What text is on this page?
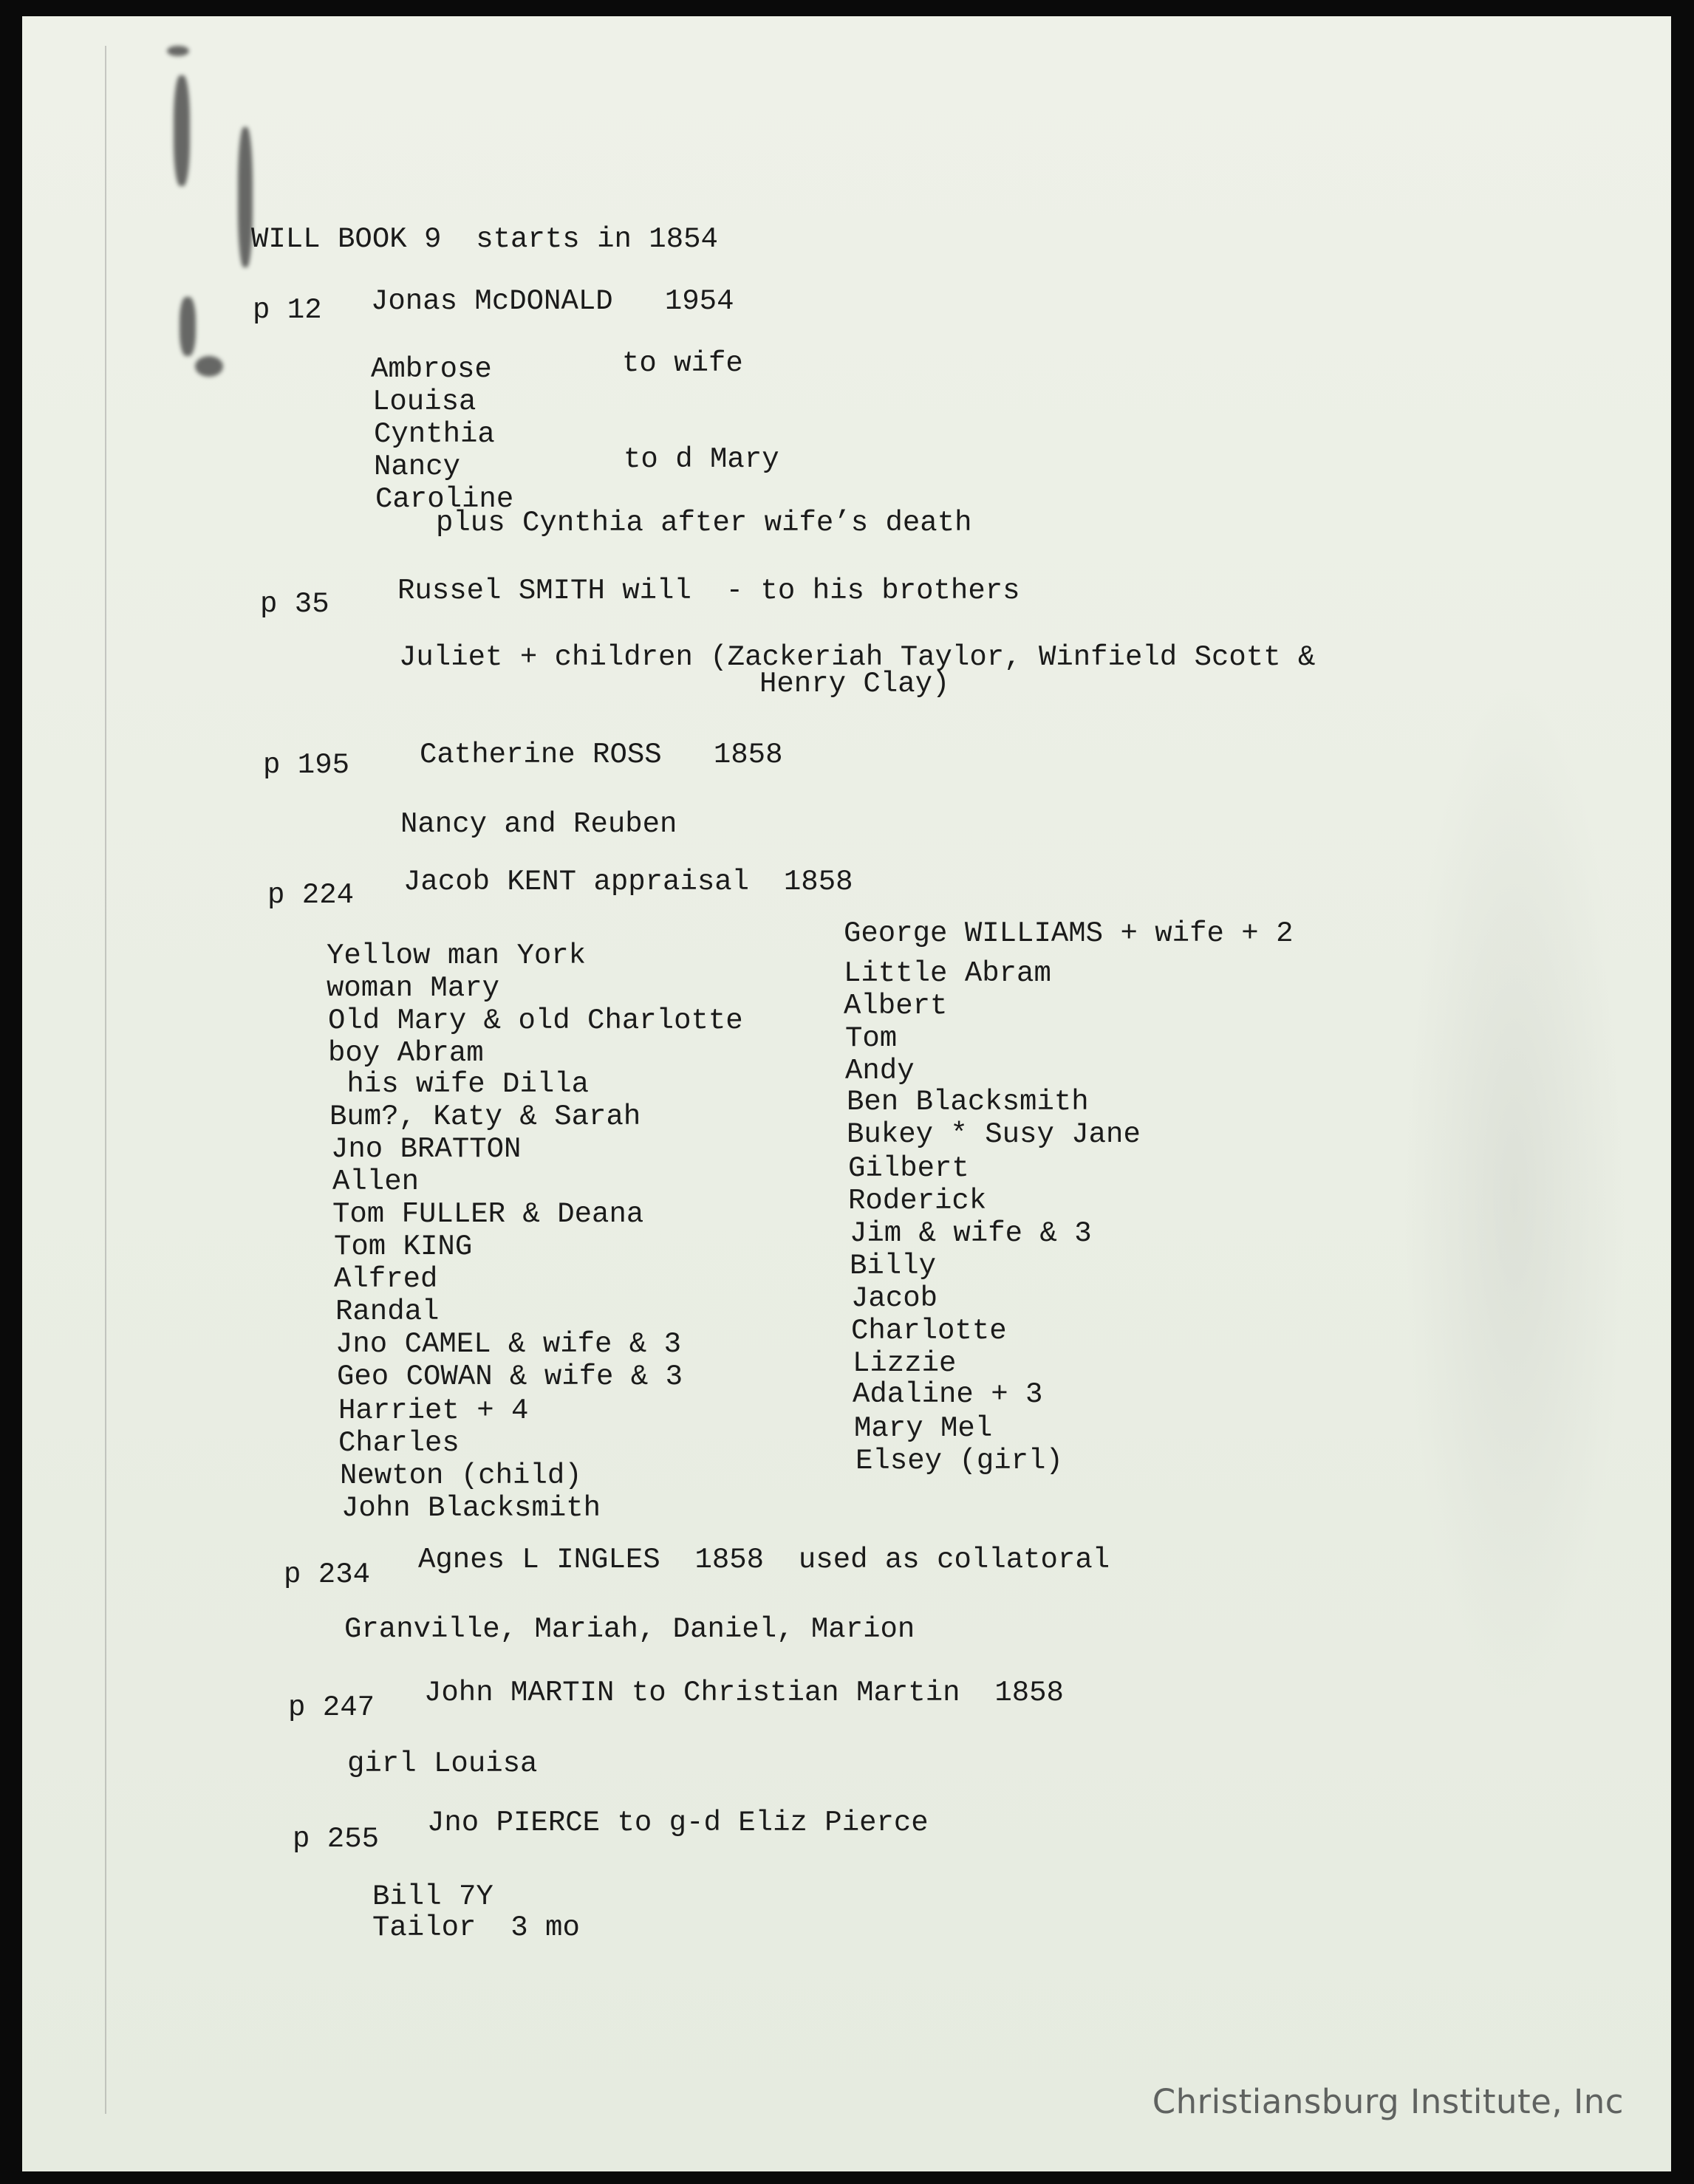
WILL BOOK 9  starts in 1854
p 12 Jonas McDONALD   1954
Ambrose	to wife
Louisa
Cynthia
Nancy	to d Mary
Caroline
plus Cynthia after wife’s death
p 35 Russel SMITH will  - to his brothers
Juliet + children (Zackeriah Taylor, Winfield Scott &
Henry Clay)
p 195 Catherine ROSS   1858
Nancy and Reuben
p 224 Jacob KENT appraisal  1858
Yellow man York
woman Mary
Old Mary & old Charlotte
boy Abram
his wife Dilla
Bum?, Katy & Sarah
Jno BRATTON
Allen
Tom FULLER & Deana
Tom KING
Alfred
Randal
Jno CAMEL & wife & 3
Geo COWAN & wife & 3
Harriet + 4
Charles
Newton (child)
John Blacksmith
George WILLIAMS + wife + 2
Little Abram
Albert
Tom
Andy
Ben Blacksmith
Bukey * Susy Jane
Gilbert
Roderick
Jim & wife & 3
Billy
Jacob
Charlotte
Lizzie
Adaline + 3
Mary Mel
Elsey (girl)
p 234 Agnes L INGLES  1858  used as collatoral
Granville, Mariah, Daniel, Marion
p 247 John MARTIN to Christian Martin  1858
girl Louisa
p 255 Jno PIERCE to g-d Eliz Pierce
Bill 7Y
Tailor  3 mo
Christiansburg Institute, Inc
